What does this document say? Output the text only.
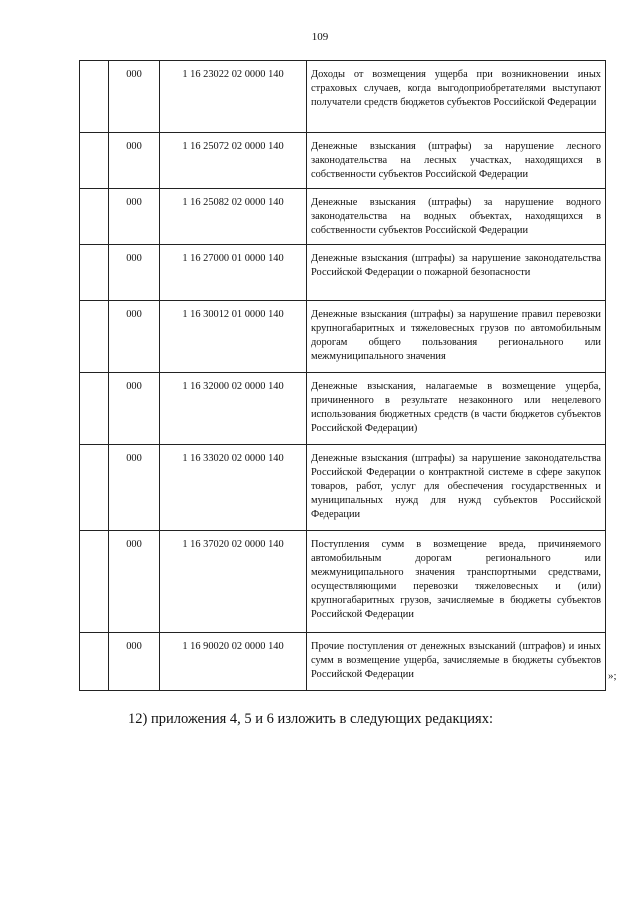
109
	000	1 16 23022 02 0000 140	Доходы от возмещения ущерба при возникновении иных страховых случаев, когда выгодоприобретателями выступают получатели средств бюджетов субъектов Российской Федерации
	000	1 16 25072 02 0000 140	Денежные взыскания (штрафы) за нарушение лесного законодательства на лесных участках, находящихся в собственности субъектов Российской Федерации
	000	1 16 25082 02 0000 140	Денежные взыскания (штрафы) за нарушение водного законодательства на водных объектах, находящихся в собственности субъектов Российской Федерации
	000	1 16 27000 01 0000 140	Денежные взыскания (штрафы) за нарушение законодательства Российской Федерации о пожарной безопасности
	000	1 16 30012 01 0000 140	Денежные взыскания (штрафы) за нарушение правил перевозки крупногабаритных и тяжеловесных грузов по автомобильным дорогам общего пользования регионального или межмуниципального значения
	000	1 16 32000 02 0000 140	Денежные взыскания, налагаемые в возмещение ущерба, причиненного в результате незаконного или нецелевого использования бюджетных средств (в части бюджетов субъектов Российской Федерации)
	000	1 16 33020 02 0000 140	Денежные взыскания (штрафы) за нарушение законодательства Российской Федерации о контрактной системе в сфере закупок товаров, работ, услуг для обеспечения государственных и муниципальных нужд для нужд субъектов Российской Федерации
	000	1 16 37020 02 0000 140	Поступления сумм в возмещение вреда, причиняемого автомобильным дорогам регионального или межмуниципального значения транспортными средствами, осуществляющими перевозки тяжеловесных и (или) крупногабаритных грузов, зачисляемые в бюджеты субъектов Российской Федерации
	000	1 16 90020 02 0000 140	Прочие поступления от денежных взысканий (штрафов) и иных сумм в возмещение ущерба, зачисляемые в бюджеты субъектов Российской Федерации	»;
12) приложения 4, 5 и 6 изложить в следующих редакциях:
